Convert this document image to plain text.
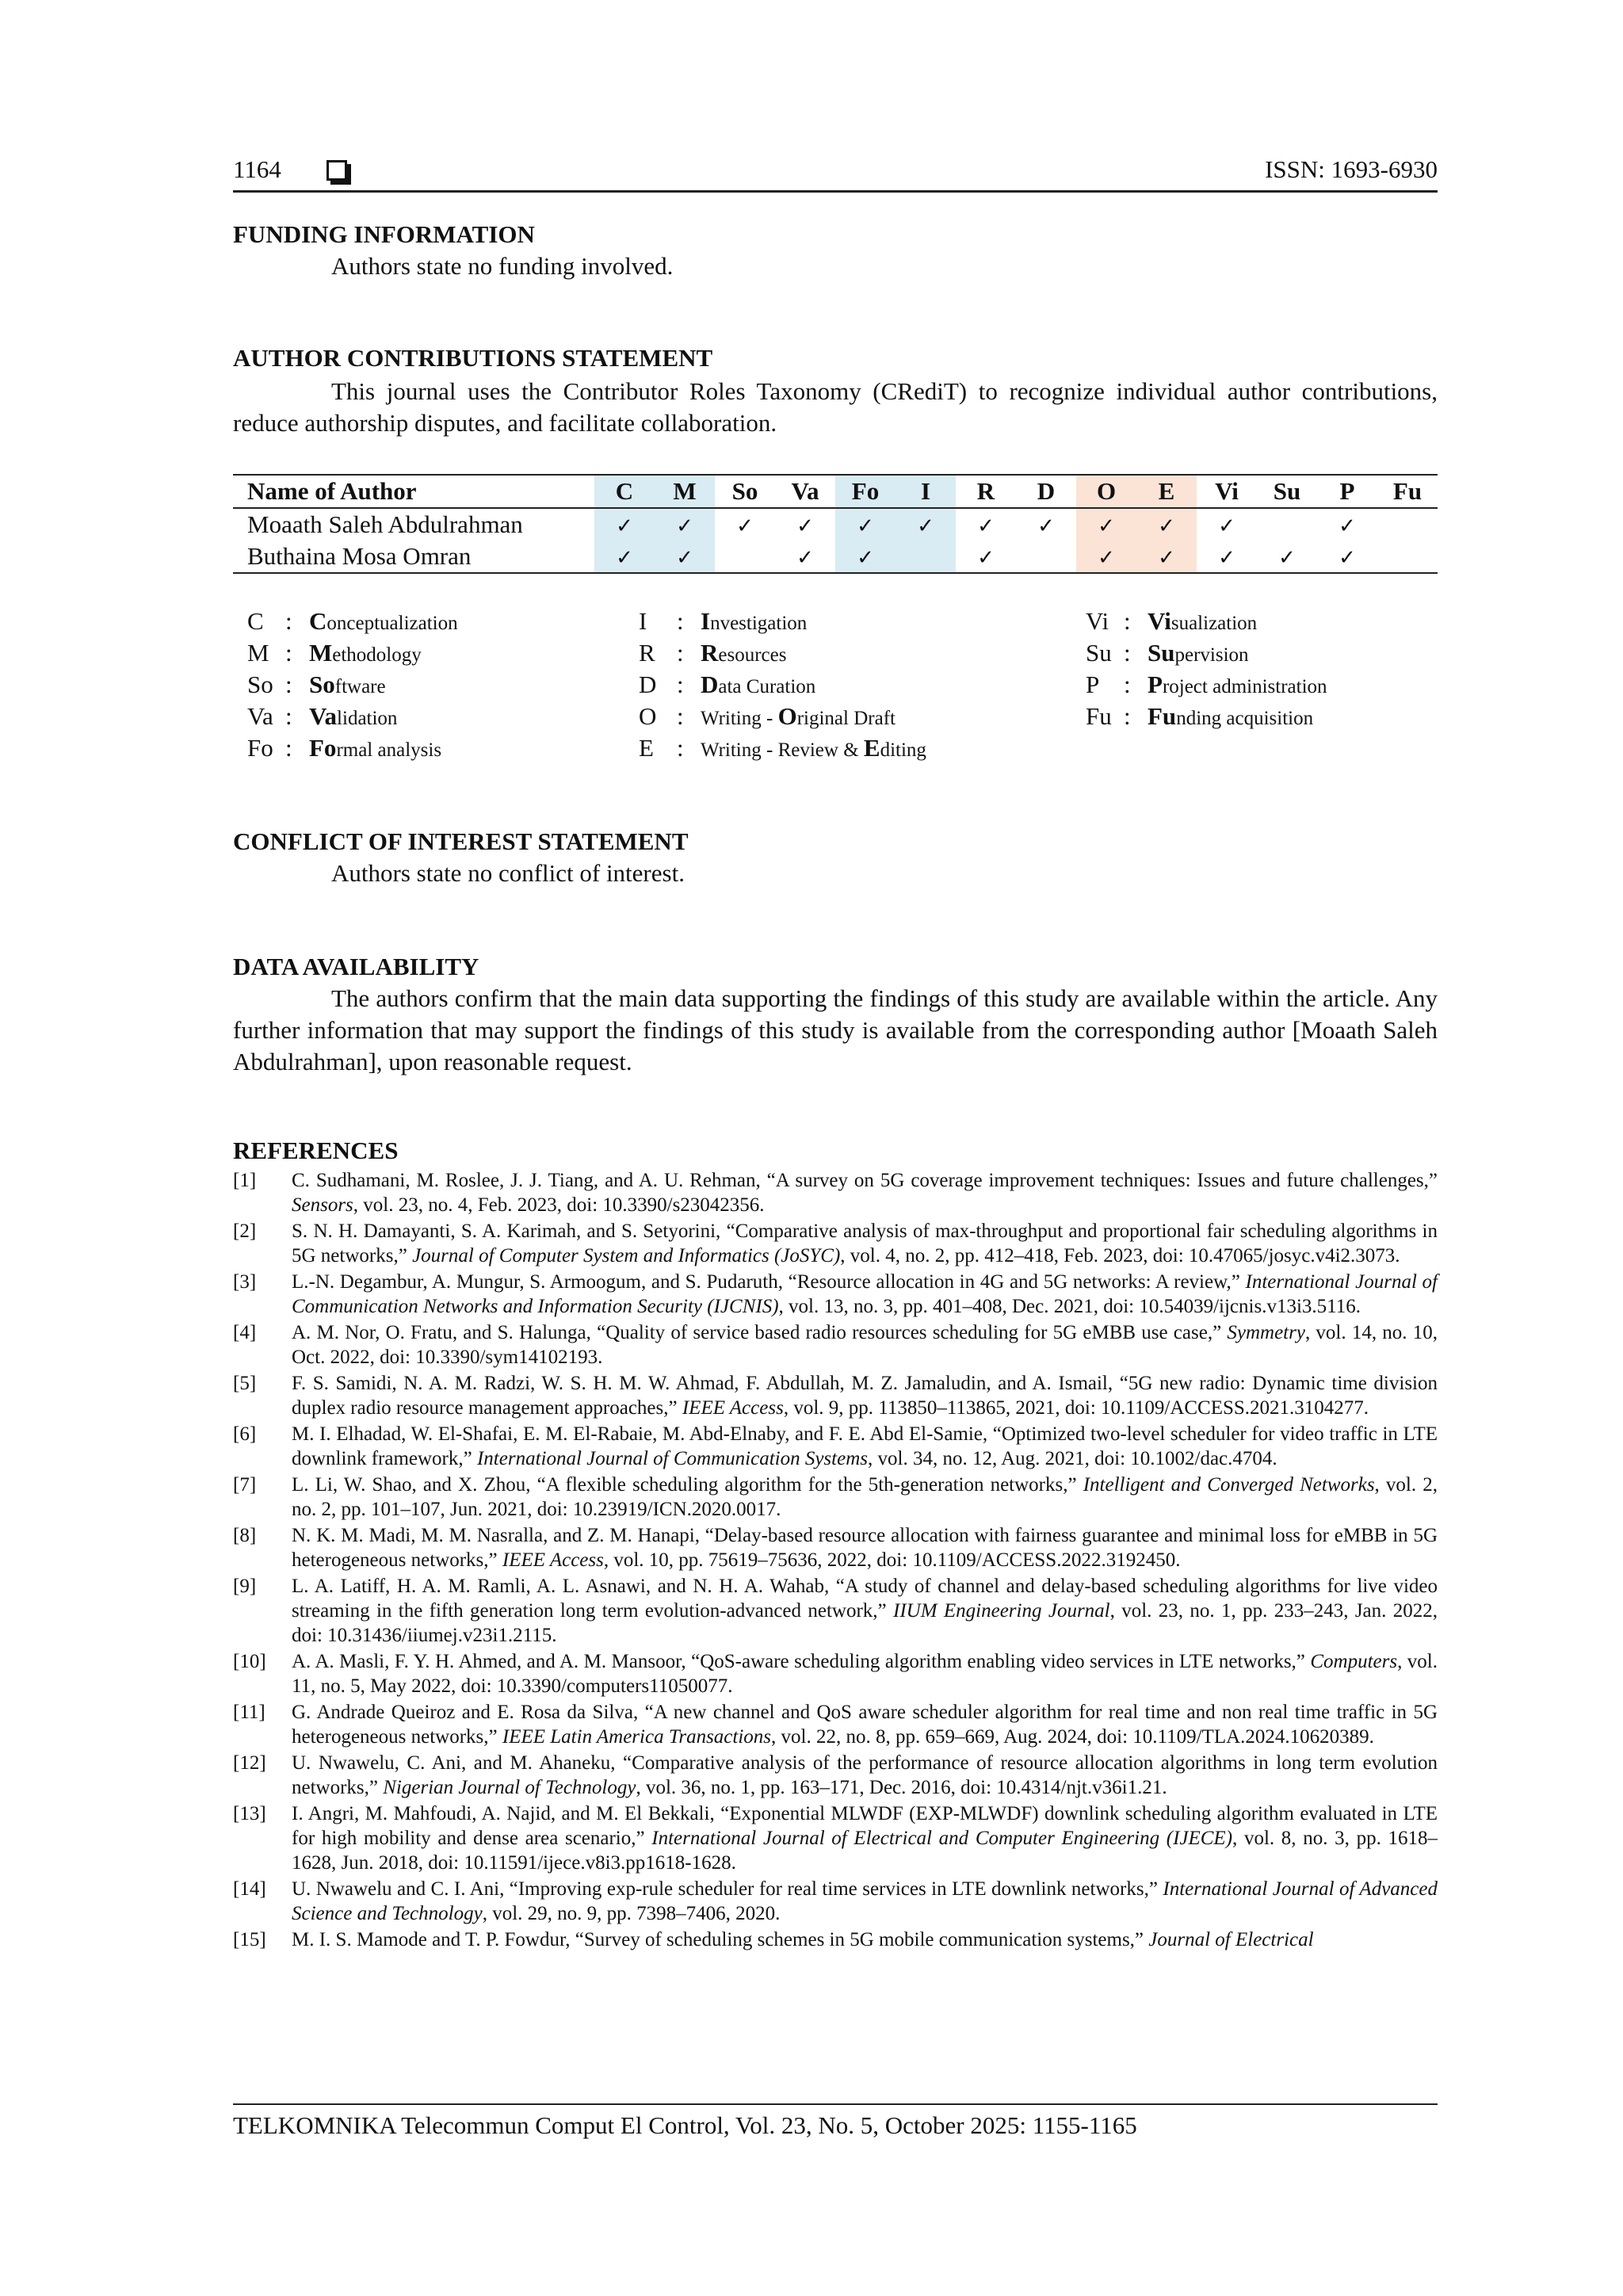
1164	ISSN: 1693-6930
FUNDING INFORMATION
Authors state no funding involved.
AUTHOR CONTRIBUTIONS STATEMENT
This journal uses the Contributor Roles Taxonomy (CRediT) to recognize individual author contributions, reduce authorship disputes, and facilitate collaboration.
Name of Author	C	M	So	Va	Fo	I	R	D	O	E	Vi	Su	P	Fu
Moaath Saleh Abdulrahman	✓	✓	✓	✓	✓	✓	✓	✓	✓	✓	✓		✓	
Buthaina Mosa Omran	✓	✓		✓	✓		✓		✓	✓	✓	✓	✓	
C : Conceptualization
M : Methodology
So : Software
Va : Validation
Fo : Formal analysis
I : Investigation
R : Resources
D : Data Curation
O : Writing - Original Draft
E : Writing - Review & Editing
Vi : Visualization
Su : Supervision
P : Project administration
Fu : Funding acquisition
CONFLICT OF INTEREST STATEMENT
Authors state no conflict of interest.
DATA AVAILABILITY
The authors confirm that the main data supporting the findings of this study are available within the article. Any further information that may support the findings of this study is available from the corresponding author [Moaath Saleh Abdulrahman], upon reasonable request.
REFERENCES
[1]	C. Sudhamani, M. Roslee, J. J. Tiang, and A. U. Rehman, “A survey on 5G coverage improvement techniques: Issues and future challenges,” Sensors, vol. 23, no. 4, Feb. 2023, doi: 10.3390/s23042356.
[2]	S. N. H. Damayanti, S. A. Karimah, and S. Setyorini, “Comparative analysis of max-throughput and proportional fair scheduling algorithms in 5G networks,” Journal of Computer System and Informatics (JoSYC), vol. 4, no. 2, pp. 412–418, Feb. 2023, doi: 10.47065/josyc.v4i2.3073.
[3]	L.-N. Degambur, A. Mungur, S. Armoogum, and S. Pudaruth, “Resource allocation in 4G and 5G networks: A review,” International Journal of Communication Networks and Information Security (IJCNIS), vol. 13, no. 3, pp. 401–408, Dec. 2021, doi: 10.54039/ijcnis.v13i3.5116.
[4]	A. M. Nor, O. Fratu, and S. Halunga, “Quality of service based radio resources scheduling for 5G eMBB use case,” Symmetry, vol. 14, no. 10, Oct. 2022, doi: 10.3390/sym14102193.
[5]	F. S. Samidi, N. A. M. Radzi, W. S. H. M. W. Ahmad, F. Abdullah, M. Z. Jamaludin, and A. Ismail, “5G new radio: Dynamic time division duplex radio resource management approaches,” IEEE Access, vol. 9, pp. 113850–113865, 2021, doi: 10.1109/ACCESS.2021.3104277.
[6]	M. I. Elhadad, W. El-Shafai, E. M. El-Rabaie, M. Abd-Elnaby, and F. E. Abd El-Samie, “Optimized two-level scheduler for video traffic in LTE downlink framework,” International Journal of Communication Systems, vol. 34, no. 12, Aug. 2021, doi: 10.1002/dac.4704.
[7]	L. Li, W. Shao, and X. Zhou, “A flexible scheduling algorithm for the 5th-generation networks,” Intelligent and Converged Networks, vol. 2, no. 2, pp. 101–107, Jun. 2021, doi: 10.23919/ICN.2020.0017.
[8]	N. K. M. Madi, M. M. Nasralla, and Z. M. Hanapi, “Delay-based resource allocation with fairness guarantee and minimal loss for eMBB in 5G heterogeneous networks,” IEEE Access, vol. 10, pp. 75619–75636, 2022, doi: 10.1109/ACCESS.2022.3192450.
[9]	L. A. Latiff, H. A. M. Ramli, A. L. Asnawi, and N. H. A. Wahab, “A study of channel and delay-based scheduling algorithms for live video streaming in the fifth generation long term evolution-advanced network,” IIUM Engineering Journal, vol. 23, no. 1, pp. 233–243, Jan. 2022, doi: 10.31436/iiumej.v23i1.2115.
[10]	A. A. Masli, F. Y. H. Ahmed, and A. M. Mansoor, “QoS-aware scheduling algorithm enabling video services in LTE networks,” Computers, vol. 11, no. 5, May 2022, doi: 10.3390/computers11050077.
[11]	G. Andrade Queiroz and E. Rosa da Silva, “A new channel and QoS aware scheduler algorithm for real time and non real time traffic in 5G heterogeneous networks,” IEEE Latin America Transactions, vol. 22, no. 8, pp. 659–669, Aug. 2024, doi: 10.1109/TLA.2024.10620389.
[12]	U. Nwawelu, C. Ani, and M. Ahaneku, “Comparative analysis of the performance of resource allocation algorithms in long term evolution networks,” Nigerian Journal of Technology, vol. 36, no. 1, pp. 163–171, Dec. 2016, doi: 10.4314/njt.v36i1.21.
[13]	I. Angri, M. Mahfoudi, A. Najid, and M. El Bekkali, “Exponential MLWDF (EXP-MLWDF) downlink scheduling algorithm evaluated in LTE for high mobility and dense area scenario,” International Journal of Electrical and Computer Engineering (IJECE), vol. 8, no. 3, pp. 1618–1628, Jun. 2018, doi: 10.11591/ijece.v8i3.pp1618-1628.
[14]	U. Nwawelu and C. I. Ani, “Improving exp-rule scheduler for real time services in LTE downlink networks,” International Journal of Advanced Science and Technology, vol. 29, no. 9, pp. 7398–7406, 2020.
[15]	M. I. S. Mamode and T. P. Fowdur, “Survey of scheduling schemes in 5G mobile communication systems,” Journal of Electrical
TELKOMNIKA Telecommun Comput El Control, Vol. 23, No. 5, October 2025: 1155-1165
